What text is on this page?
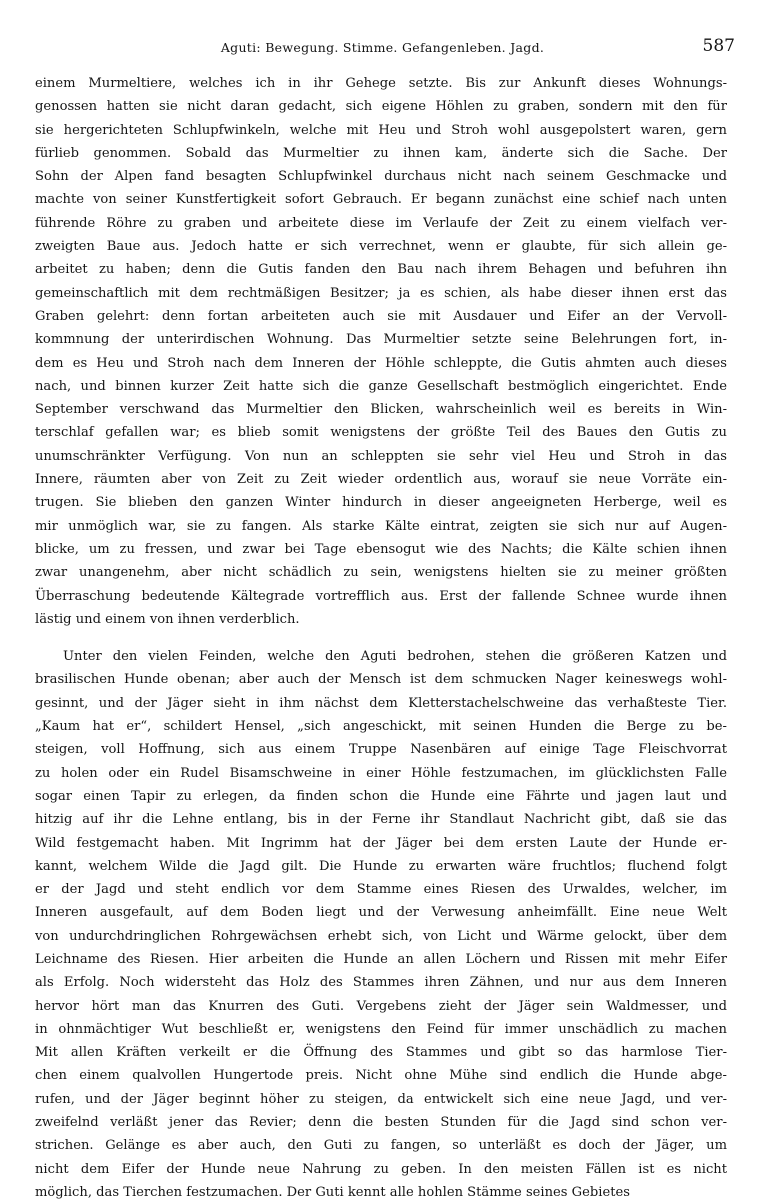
Aguti: Bewegung. Stimme. Gefangenleben. Jagd.	587
einem Murmeltiere, welches ich in ihr Gehege setzte. Bis zur Ankunft dieses Wohnungs-
genossen hatten sie nicht daran gedacht, sich eigene Höhlen zu graben, sondern mit den für
sie hergerichteten Schlupfwinkeln, welche mit Heu und Stroh wohl ausgepolstert waren, gern
fürlieb genommen. Sobald das Murmeltier zu ihnen kam, änderte sich die Sache. Der
Sohn der Alpen fand besagten Schlupfwinkel durchaus nicht nach seinem Geschmacke und
machte von seiner Kunstfertigkeit sofort Gebrauch. Er begann zunächst eine schief nach unten
führende Röhre zu graben und arbeitete diese im Verlaufe der Zeit zu einem vielfach ver-
zweigten Baue aus. Jedoch hatte er sich verrechnet, wenn er glaubte, für sich allein ge-
arbeitet zu haben; denn die Gutis fanden den Bau nach ihrem Behagen und befuhren ihn
gemeinschaftlich mit dem rechtmäßigen Besitzer; ja es schien, als habe dieser ihnen erst das
Graben gelehrt: denn fortan arbeiteten auch sie mit Ausdauer und Eifer an der Vervoll-
kommnung der unterirdischen Wohnung. Das Murmeltier setzte seine Belehrungen fort, in-
dem es Heu und Stroh nach dem Inneren der Höhle schleppte, die Gutis ahmten auch dieses
nach, und binnen kurzer Zeit hatte sich die ganze Gesellschaft bestmöglich eingerichtet. Ende
September verschwand das Murmeltier den Blicken, wahrscheinlich weil es bereits in Win-
terschlaf gefallen war; es blieb somit wenigstens der größte Teil des Baues den Gutis zu
unumschränkter Verfügung. Von nun an schleppten sie sehr viel Heu und Stroh in das
Innere, räumten aber von Zeit zu Zeit wieder ordentlich aus, worauf sie neue Vorräte ein-
trugen. Sie blieben den ganzen Winter hindurch in dieser angeeigneten Herberge, weil es
mir unmöglich war, sie zu fangen. Als starke Kälte eintrat, zeigten sie sich nur auf Augen-
blicke, um zu fressen, und zwar bei Tage ebensogut wie des Nachts; die Kälte schien ihnen
zwar unangenehm, aber nicht schädlich zu sein, wenigstens hielten sie zu meiner größten
Überraschung bedeutende Kältegrade vortrefflich aus. Erst der fallende Schnee wurde ihnen
lästig und einem von ihnen verderblich.
Unter den vielen Feinden, welche den Aguti bedrohen, stehen die größeren Katzen und
brasilischen Hunde obenan; aber auch der Mensch ist dem schmucken Nager keineswegs wohl-
gesinnt, und der Jäger sieht in ihm nächst dem Kletterstachelschweine das verhaßteste Tier.
„Kaum hat er“, schildert Hensel, „sich angeschickt, mit seinen Hunden die Berge zu be-
steigen, voll Hoffnung, sich aus einem Truppe Nasenbären auf einige Tage Fleischvorrat
zu holen oder ein Rudel Bisamschweine in einer Höhle festzumachen, im glücklichsten Falle
sogar einen Tapir zu erlegen, da finden schon die Hunde eine Fährte und jagen laut und
hitzig auf ihr die Lehne entlang, bis in der Ferne ihr Standlaut Nachricht gibt, daß sie das
Wild festgemacht haben. Mit Ingrimm hat der Jäger bei dem ersten Laute der Hunde er-
kannt, welchem Wilde die Jagd gilt. Die Hunde zu erwarten wäre fruchtlos; fluchend folgt
er der Jagd und steht endlich vor dem Stamme eines Riesen des Urwaldes, welcher, im
Inneren ausgefault, auf dem Boden liegt und der Verwesung anheimfällt. Eine neue Welt
von undurchdringlichen Rohrgewächsen erhebt sich, von Licht und Wärme gelockt, über dem
Leichname des Riesen. Hier arbeiten die Hunde an allen Löchern und Rissen mit mehr Eifer
als Erfolg. Noch widersteht das Holz des Stammes ihren Zähnen, und nur aus dem Inneren
hervor hört man das Knurren des Guti. Vergebens zieht der Jäger sein Waldmesser, und
in ohnmächtiger Wut beschließt er, wenigstens den Feind für immer unschädlich zu machen
Mit allen Kräften verkeilt er die Öffnung des Stammes und gibt so das harmlose Tier-
chen einem qualvollen Hungertode preis. Nicht ohne Mühe sind endlich die Hunde abge-
rufen, und der Jäger beginnt höher zu steigen, da entwickelt sich eine neue Jagd, und ver-
zweifelnd verläßt jener das Revier; denn die besten Stunden für die Jagd sind schon ver-
strichen. Gelänge es aber auch, den Guti zu fangen, so unterläßt es doch der Jäger, um
nicht dem Eifer der Hunde neue Nahrung zu geben. In den meisten Fällen ist es nicht
möglich, das Tierchen festzumachen. Der Guti kennt alle hohlen Stämme seines Gebietes
